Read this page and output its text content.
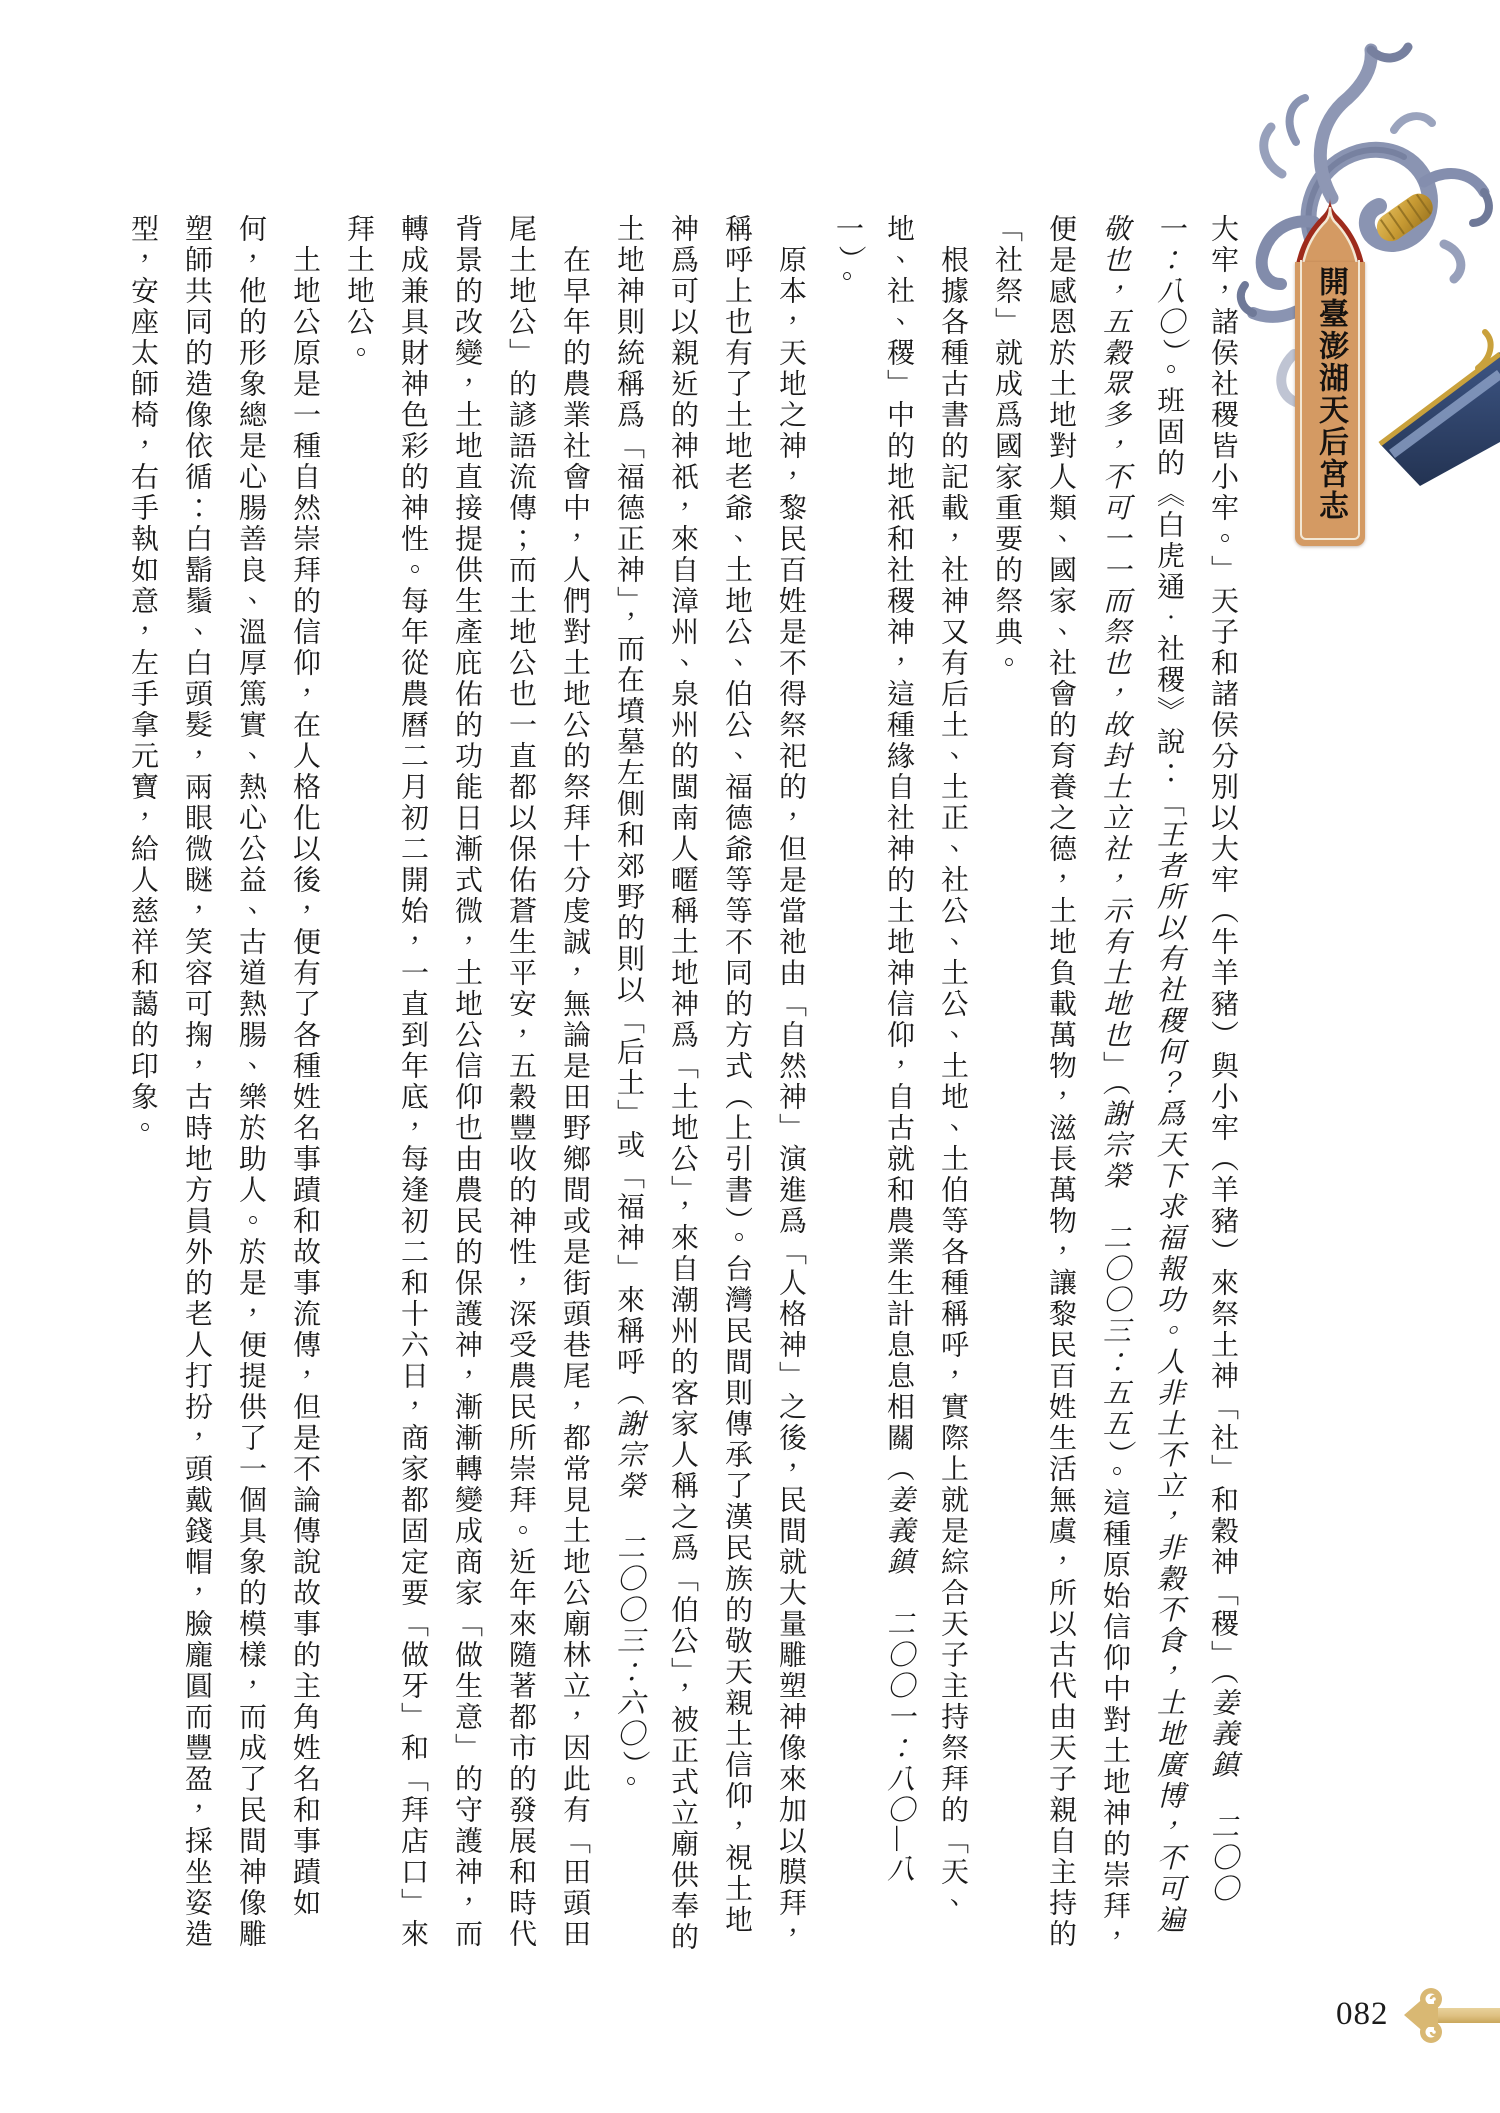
開臺澎湖天后宮志

大牢，諸侯社稷皆小牢。」天子和諸侯分別以大牢（牛羊豬）與小牢（羊豬）來祭土神「社」和穀神「稷」（姜義鎮　二〇〇一：八〇）。班固的《白虎通．社稷》說：「王者所以有社稷何？爲天下求福報功。人非土不立，非穀不食，土地廣博，不可遍敬也，五穀眾多，不可一一而祭也，故封土立社，示有土地也」（謝宗榮　二〇〇三：五五）。這種原始信仰中對土地神的崇拜，便是感恩於土地對人類、國家、社會的育養之德，土地負載萬物，滋長萬物，讓黎民百姓生活無虞，所以古代由天子親自主持的「社祭」就成爲國家重要的祭典。

根據各種古書的記載，社神又有后土、土正、社公、土公、土地、土伯等各種稱呼，實際上就是綜合天子主持祭拜的「天、地、社、稷」中的地祇和社稷神，這種緣自社神的土地神信仰，自古就和農業生計息息相關（姜義鎮　二〇〇一：八〇—八一）。

原本，天地之神，黎民百姓是不得祭祀的，但是當祂由「自然神」演進爲「人格神」之後，民間就大量雕塑神像來加以膜拜，稱呼上也有了土地老爺、土地公、伯公、福德爺等等不同的方式（上引書）。台灣民間則傳承了漢民族的敬天親土信仰，視土地神爲可以親近的神祇，來自漳州、泉州的閩南人暱稱土地神爲「土地公」，來自潮州的客家人稱之爲「伯公」，被正式立廟供奉的土地神則統稱爲「福德正神」，而在墳墓左側和郊野的則以「后土」或「福神」來稱呼（謝宗榮　二〇〇三：六〇）。

在早年的農業社會中，人們對土地公的祭拜十分虔誠，無論是田野鄉間或是街頭巷尾，都常見土地公廟林立，因此有「田頭田尾土地公」的諺語流傳；而土地公也一直都以保佑蒼生平安，五穀豐收的神性，深受農民所崇拜。近年來隨著都市的發展和時代背景的改變，土地直接提供生產庇佑的功能日漸式微，土地公信仰也由農民的保護神，漸漸轉變成商家「做生意」的守護神，而轉成兼具財神色彩的神性。每年從農曆二月初二開始，一直到年底，每逢初二和十六日，商家都固定要「做牙」和「拜店口」來拜土地公。

土地公原是一種自然崇拜的信仰，在人格化以後，便有了各種姓名事蹟和故事流傳，但是不論傳說故事的主角姓名和事蹟如何，他的形象總是心腸善良、溫厚篤實、熱心公益、古道熱腸、樂於助人。於是，便提供了一個具象的模樣，而成了民間神像雕塑師共同的造像依循：白鬍鬚、白頭髮，兩眼微瞇，笑容可掬，古時地方員外的老人打扮，頭戴錢帽，臉龐圓而豐盈，採坐姿造型，安座太師椅，右手執如意，左手拿元寶，給人慈祥和藹的印象。

082
